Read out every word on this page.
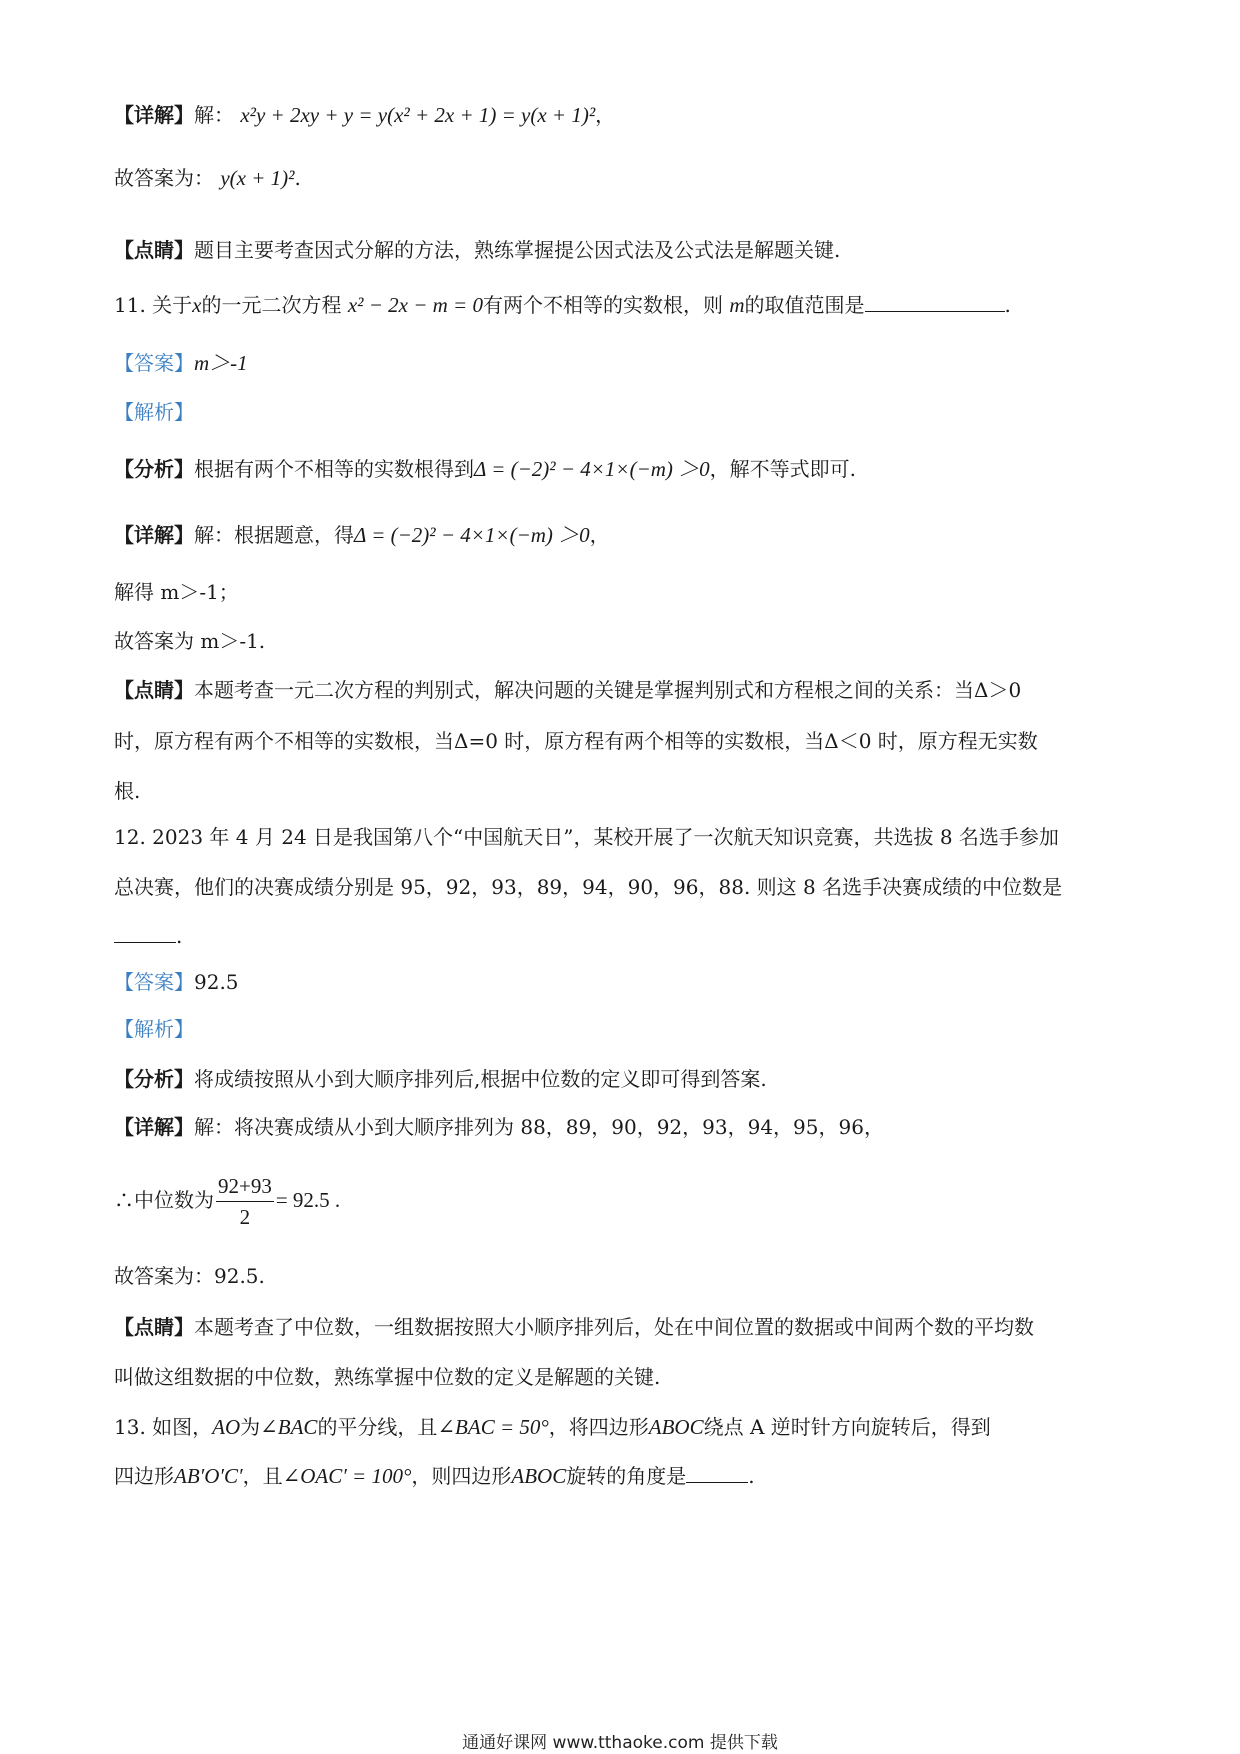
【详解】解： x²y + 2xy + y = y(x² + 2x + 1) = y(x + 1)²，
故答案为： y(x + 1)².
【点睛】题目主要考查因式分解的方法，熟练掌握提公因式法及公式法是解题关键.
11. 关于x的一元二次方程 x² − 2x − m = 0有两个不相等的实数根，则 m的取值范围是	.
【答案】m＞-1
【解析】
【分析】根据有两个不相等的实数根得到Δ = (−2)² − 4×1×(−m) ＞0，解不等式即可.
【详解】解：根据题意，得Δ = (−2)² − 4×1×(−m) ＞0，
解得 m＞-1；
故答案为 m＞-1.
【点睛】本题考查一元二次方程的判别式，解决问题的关键是掌握判别式和方程根之间的关系：当Δ＞0
时，原方程有两个不相等的实数根，当Δ=0 时，原方程有两个相等的实数根，当Δ＜0 时，原方程无实数
根.
12. 2023 年 4 月 24 日是我国第八个“中国航天日”，某校开展了一次航天知识竞赛，共选拔 8 名选手参加
总决赛，他们的决赛成绩分别是 95，92，93，89，94，90，96，88. 则这 8 名选手决赛成绩的中位数是
.
【答案】92.5
【解析】
【分析】将成绩按照从小到大顺序排列后,根据中位数的定义即可得到答案.
【详解】解：将决赛成绩从小到大顺序排列为 88，89，90，92，93，94，95，96，
∴中位数为 $\frac{92+93}{2} = 92.5$ .
故答案为：92.5.
【点睛】本题考查了中位数，一组数据按照大小顺序排列后，处在中间位置的数据或中间两个数的平均数
叫做这组数据的中位数，熟练掌握中位数的定义是解题的关键.
13. 如图，AO为∠BAC的平分线，且∠BAC = 50°，将四边形ABOC绕点 A 逆时针方向旋转后，得到
四边形AB′O′C′，且∠OAC′ = 100°，则四边形ABOC旋转的角度是	.
通通好课网 www.tthaoke.com 提供下载
